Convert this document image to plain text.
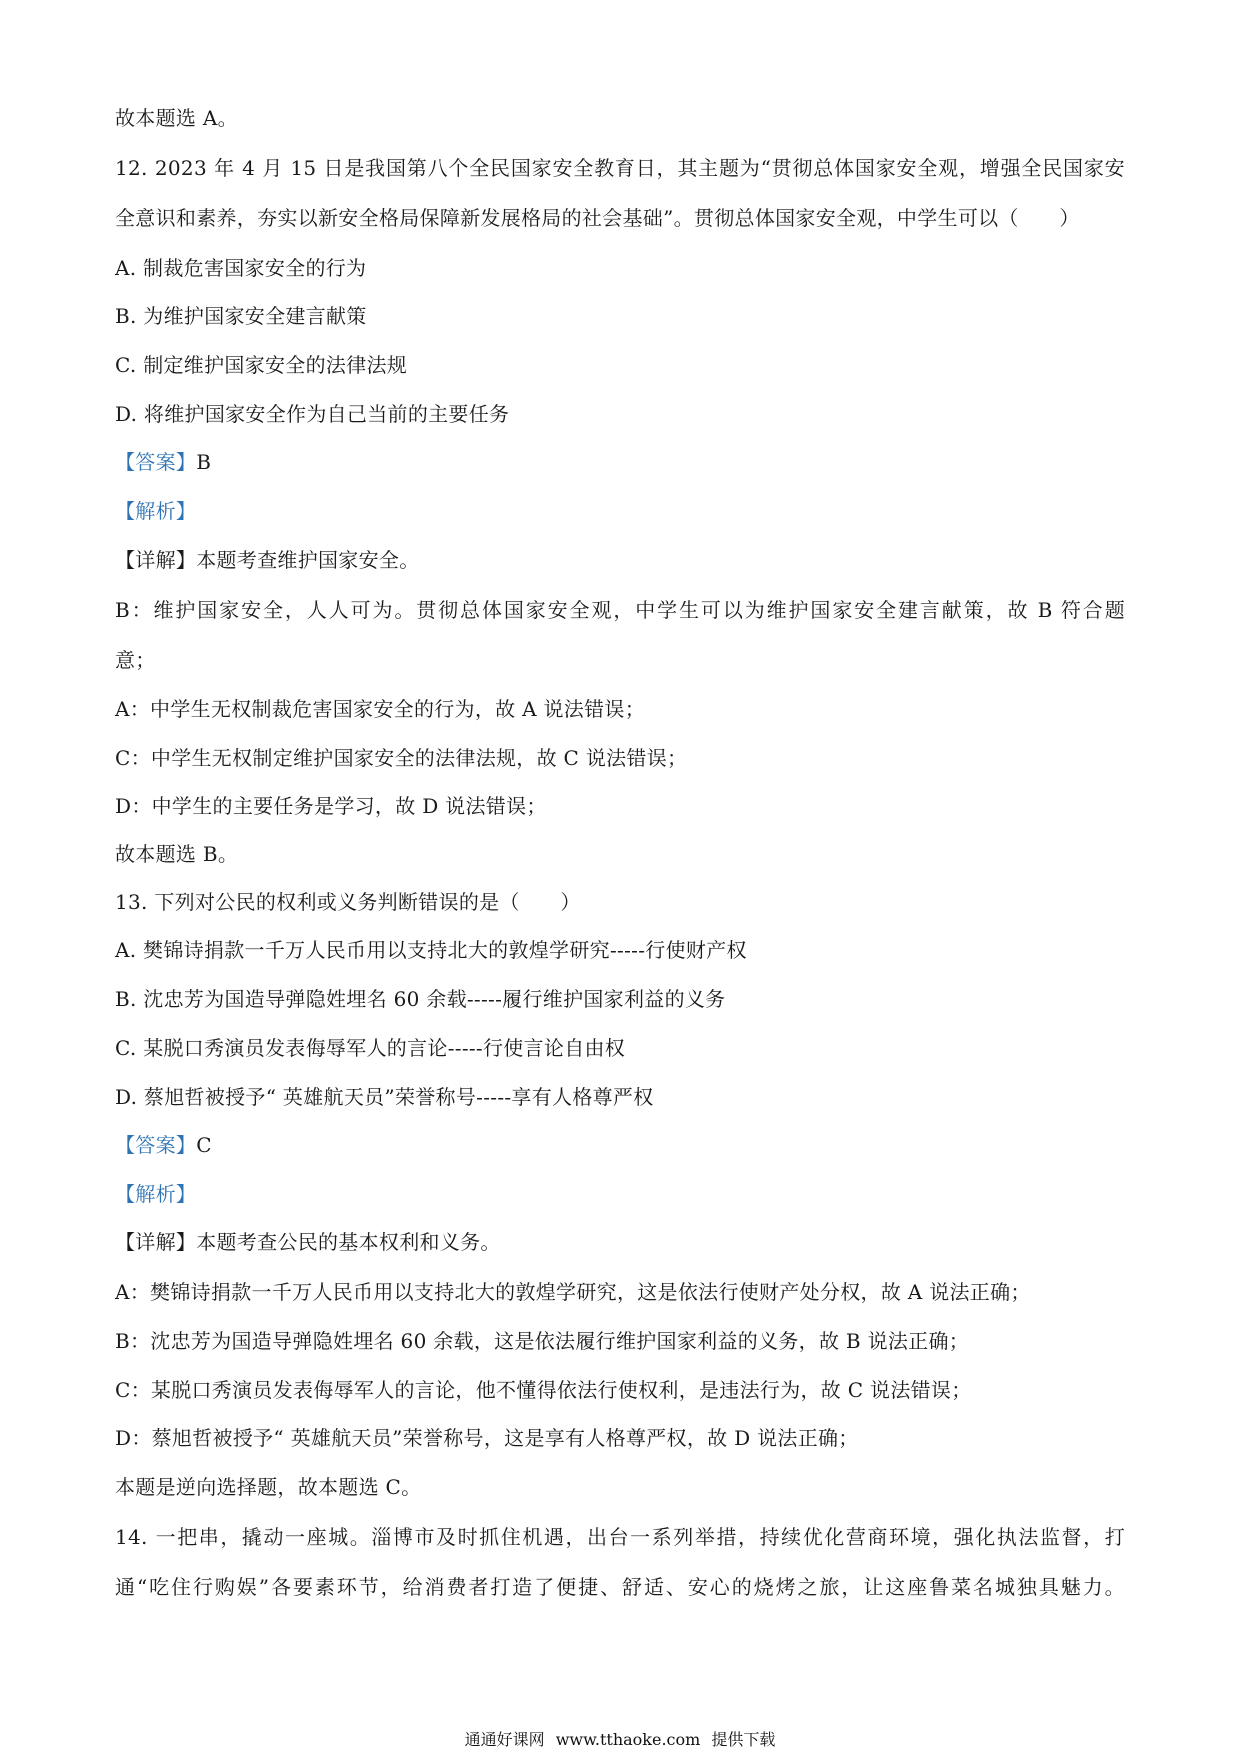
故本题选 A。
12. 2023 年 4 月 15 日是我国第八个全民国家安全教育日，其主题为“贯彻总体国家安全观，增强全民国家安
全意识和素养，夯实以新安全格局保障新发展格局的社会基础”。贯彻总体国家安全观，中学生可以（　　）
A. 制裁危害国家安全的行为
B. 为维护国家安全建言献策
C. 制定维护国家安全的法律法规
D. 将维护国家安全作为自己当前的主要任务
【答案】B
【解析】
【详解】本题考查维护国家安全。
B：维护国家安全，人人可为。贯彻总体国家安全观，中学生可以为维护国家安全建言献策，故 B 符合题
意；
A：中学生无权制裁危害国家安全的行为，故 A 说法错误；
C：中学生无权制定维护国家安全的法律法规，故 C 说法错误；
D：中学生的主要任务是学习，故 D 说法错误；
故本题选 B。
13. 下列对公民的权利或义务判断错误的是（　　）
A. 樊锦诗捐款一千万人民币用以支持北大的敦煌学研究-----行使财产权
B. 沈忠芳为国造导弹隐姓埋名 60 余载-----履行维护国家利益的义务
C. 某脱口秀演员发表侮辱军人的言论-----行使言论自由权
D. 蔡旭哲被授予“ 英雄航天员”荣誉称号-----享有人格尊严权
【答案】C
【解析】
【详解】本题考查公民的基本权利和义务。
A：樊锦诗捐款一千万人民币用以支持北大的敦煌学研究，这是依法行使财产处分权，故 A 说法正确；
B：沈忠芳为国造导弹隐姓埋名 60 余载，这是依法履行维护国家利益的义务，故 B 说法正确；
C：某脱口秀演员发表侮辱军人的言论，他不懂得依法行使权利，是违法行为，故 C 说法错误；
D：蔡旭哲被授予“ 英雄航天员”荣誉称号，这是享有人格尊严权，故 D 说法正确；
本题是逆向选择题，故本题选 C。
14. 一把串，撬动一座城。淄博市及时抓住机遇，出台一系列举措，持续优化营商环境，强化执法监督，打
通“吃住行购娱”各要素环节，给消费者打造了便捷、舒适、安心的烧烤之旅，让这座鲁菜名城独具魅力。
通通好课网 www.tthaoke.com 提供下载
